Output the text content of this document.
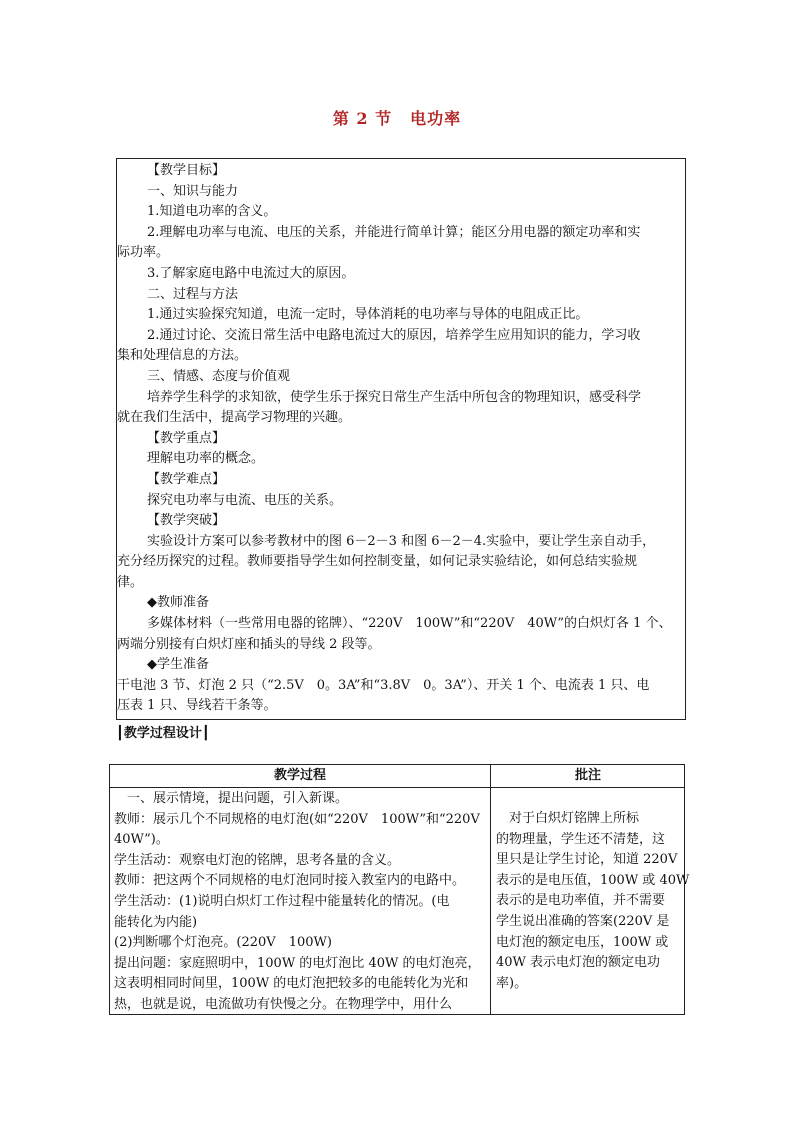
第 2 节 电功率
【教学目标】
一、知识与能力
1.知道电功率的含义。
2.理解电功率与电流、电压的关系，并能进行简单计算；能区分用电器的额定功率和实
际功率。
3.了解家庭电路中电流过大的原因。
二、过程与方法
1.通过实验探究知道，电流一定时，导体消耗的电功率与导体的电阻成正比。
2.通过讨论、交流日常生活中电路电流过大的原因，培养学生应用知识的能力，学习收
集和处理信息的方法。
三、情感、态度与价值观
培养学生科学的求知欲，使学生乐于探究日常生产生活中所包含的物理知识，感受科学
就在我们生活中，提高学习物理的兴趣。
【教学重点】
理解电功率的概念。
【教学难点】
探究电功率与电流、电压的关系。
【教学突破】
实验设计方案可以参考教材中的图 6－2－3 和图 6－2－4.实验中，要让学生亲自动手，
充分经历探究的过程。教师要指导学生如何控制变量，如何记录实验结论，如何总结实验规
律。
◆教师准备
多媒体材料（一些常用电器的铭牌）、“220V　100W”和“220V　40W”的白炽灯各 1 个、
两端分别接有白炽灯座和插头的导线 2 段等。
◆学生准备
干电池 3 节、灯泡 2 只（“2.5V　0。3A”和“3.8V　0。3A”）、开关 1 个、电流表 1 只、电
压表 1 只、导线若干条等。
┃教学过程设计┃
教学过程	批注
　一、展示情境，提出问题，引入新课。
教师：展示几个不同规格的电灯泡(如“220V　100W”和“220V
40W”)。
学生活动：观察电灯泡的铭牌，思考各量的含义。
教师：把这两个不同规格的电灯泡同时接入教室内的电路中。
学生活动：(1)说明白炽灯工作过程中能量转化的情况。(电
能转化为内能)
(2)判断哪个灯泡亮。(220V　100W)
提出问题：家庭照明中，100W 的电灯泡比 40W 的电灯泡亮，
这表明相同时间里，100W 的电灯泡把较多的电能转化为光和
热，也就是说，电流做功有快慢之分。在物理学中，用什么
　对于白炽灯铭牌上所标
的物理量，学生还不清楚，这
里只是让学生讨论，知道 220V
表示的是电压值，100W 或 40W
表示的是电功率值，并不需要
学生说出准确的答案(220V 是
电灯泡的额定电压，100W 或
40W 表示电灯泡的额定电功
率)。
